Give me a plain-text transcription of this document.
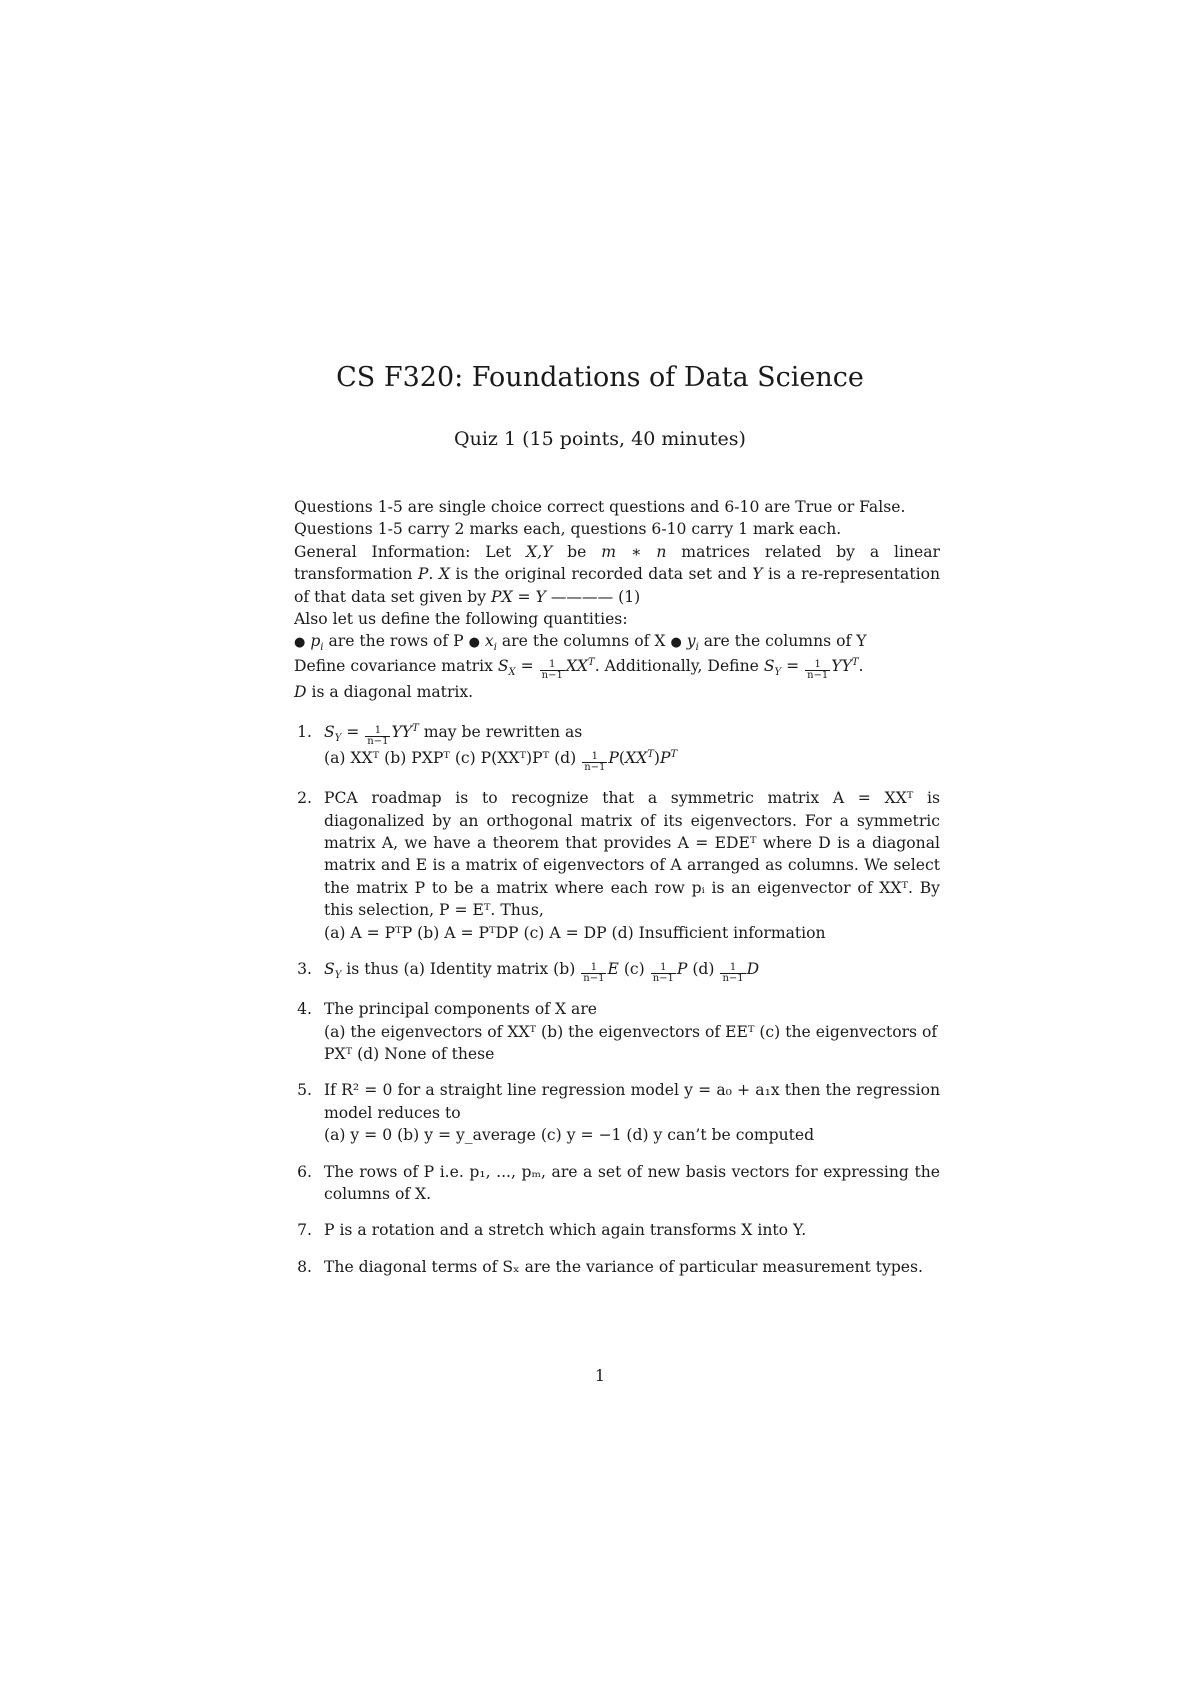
CS F320: Foundations of Data Science
Quiz 1 (15 points, 40 minutes)

Questions 1-5 are single choice correct questions and 6-10 are True or False.

Questions 1-5 carry 2 marks each, questions 6-10 carry 1 mark each.

General Information: Let X,Y be m ∗ n matrices related by a linear transformation P. X is the original recorded data set and Y is a re-representation of that data set given by PX = Y ———— (1)

Also let us define the following quantities:

● $p_i$ are the rows of P ● $x_i$ are the columns of X ● $y_i$ are the columns of Y

Define covariance matrix $S_X = \frac{1}{n-1} XX^T$. Additionally, Define $S_Y = \frac{1}{n-1} YY^T$.

D is a diagonal matrix.

1. $S_Y = \frac{1}{n-1} YY^T$ may be rewritten as
(a) XXᵀ (b) PXPᵀ (c) P(XXᵀ)Pᵀ $(d) \frac{1}{n-1} P(XX^T)P^T$
2. PCA roadmap is to recognize that a symmetric matrix A = XXᵀ is diagonalized by an orthogonal matrix of its eigenvectors. For a symmetric matrix A, we have a theorem that provides A = EDEᵀ where D is a diagonal matrix and E is a matrix of eigenvectors of A arranged as columns. We select the matrix P to be a matrix where each row pᵢ is an eigenvector of XXᵀ. By this selection, P = Eᵀ. Thus,
(a) A = PᵀP (b) A = PᵀDP (c) A = DP (d) Insufficient information
3. $S_Y$ is thus (a) Identity matrix $(b) \frac{1}{n-1}$ E $(c) \frac{1}{n-1}$ P $(d) \frac{1}{n-1}$ D
4. The principal components of X are
(a) the eigenvectors of XXᵀ (b) the eigenvectors of EEᵀ (c) the eigenvectors of PXᵀ (d) None of these
5. If R² = 0 for a straight line regression model y = a₀ + a₁x then the regression model reduces to
(a) y = 0 (b) y = y_average (c) y = −1 (d) y can’t be computed
6. The rows of P i.e. p₁, ..., pₘ, are a set of new basis vectors for expressing the columns of X.
7. P is a rotation and a stretch which again transforms X into Y.
8. The diagonal terms of Sₓ are the variance of particular measurement types.
1
